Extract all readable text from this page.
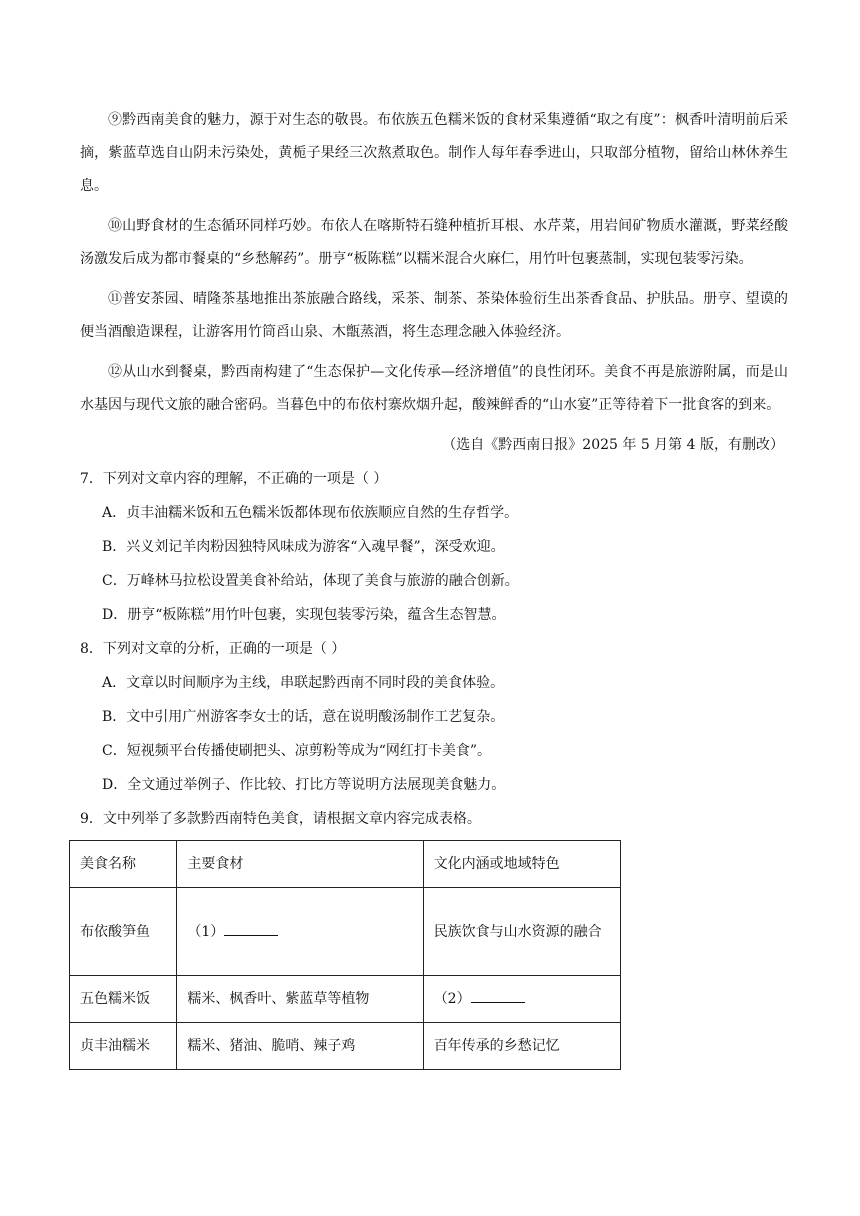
⑨黔西南美食的魅力，源于对生态的敬畏。布依族五色糯米饭的食材采集遵循“取之有度”：枫香叶清明前后采摘，紫蓝草选自山阴未污染处，黄栀子果经三次熬煮取色。制作人每年春季进山，只取部分植物，留给山林休养生息。

⑩山野食材的生态循环同样巧妙。布依人在喀斯特石缝种植折耳根、水芹菜，用岩间矿物质水灌溉，野菜经酸汤激发后成为都市餐桌的“乡愁解药”。册亨“板陈糕”以糯米混合火麻仁，用竹叶包裹蒸制，实现包装零污染。

⑪普安茶园、晴隆茶基地推出茶旅融合路线，采茶、制茶、茶染体验衍生出茶香食品、护肤品。册亨、望谟的便当酒酿造课程，让游客用竹筒舀山泉、木甑蒸酒，将生态理念融入体验经济。

⑫从山水到餐桌，黔西南构建了“生态保护—文化传承—经济增值”的良性闭环。美食不再是旅游附属，而是山水基因与现代文旅的融合密码。当暮色中的布依村寨炊烟升起，酸辣鲜香的“山水宴”正等待着下一批食客的到来。

（选自《黔西南日报》2025 年 5 月第 4 版，有删改）

7．下列对文章内容的理解，不正确的一项是（ ）

A．贞丰油糯米饭和五色糯米饭都体现布依族顺应自然的生存哲学。

B．兴义刘记羊肉粉因独特风味成为游客“入魂早餐”，深受欢迎。

C．万峰林马拉松设置美食补给站，体现了美食与旅游的融合创新。

D．册亨“板陈糕”用竹叶包裹，实现包装零污染，蕴含生态智慧。

8．下列对文章的分析，正确的一项是（ ）

A．文章以时间顺序为主线，串联起黔西南不同时段的美食体验。

B．文中引用广州游客李女士的话，意在说明酸汤制作工艺复杂。

C．短视频平台传播使刷把头、凉剪粉等成为“网红打卡美食”。

D．全文通过举例子、作比较、打比方等说明方法展现美食魅力。

9．文中列举了多款黔西南特色美食，请根据文章内容完成表格。

美食名称	主要食材	文化内涵或地域特色
布依酸笋鱼	（1）	民族饮食与山水资源的融合
五色糯米饭	糯米、枫香叶、紫蓝草等植物	（2）
贞丰油糯米	糯米、猪油、脆哨、辣子鸡	百年传承的乡愁记忆
